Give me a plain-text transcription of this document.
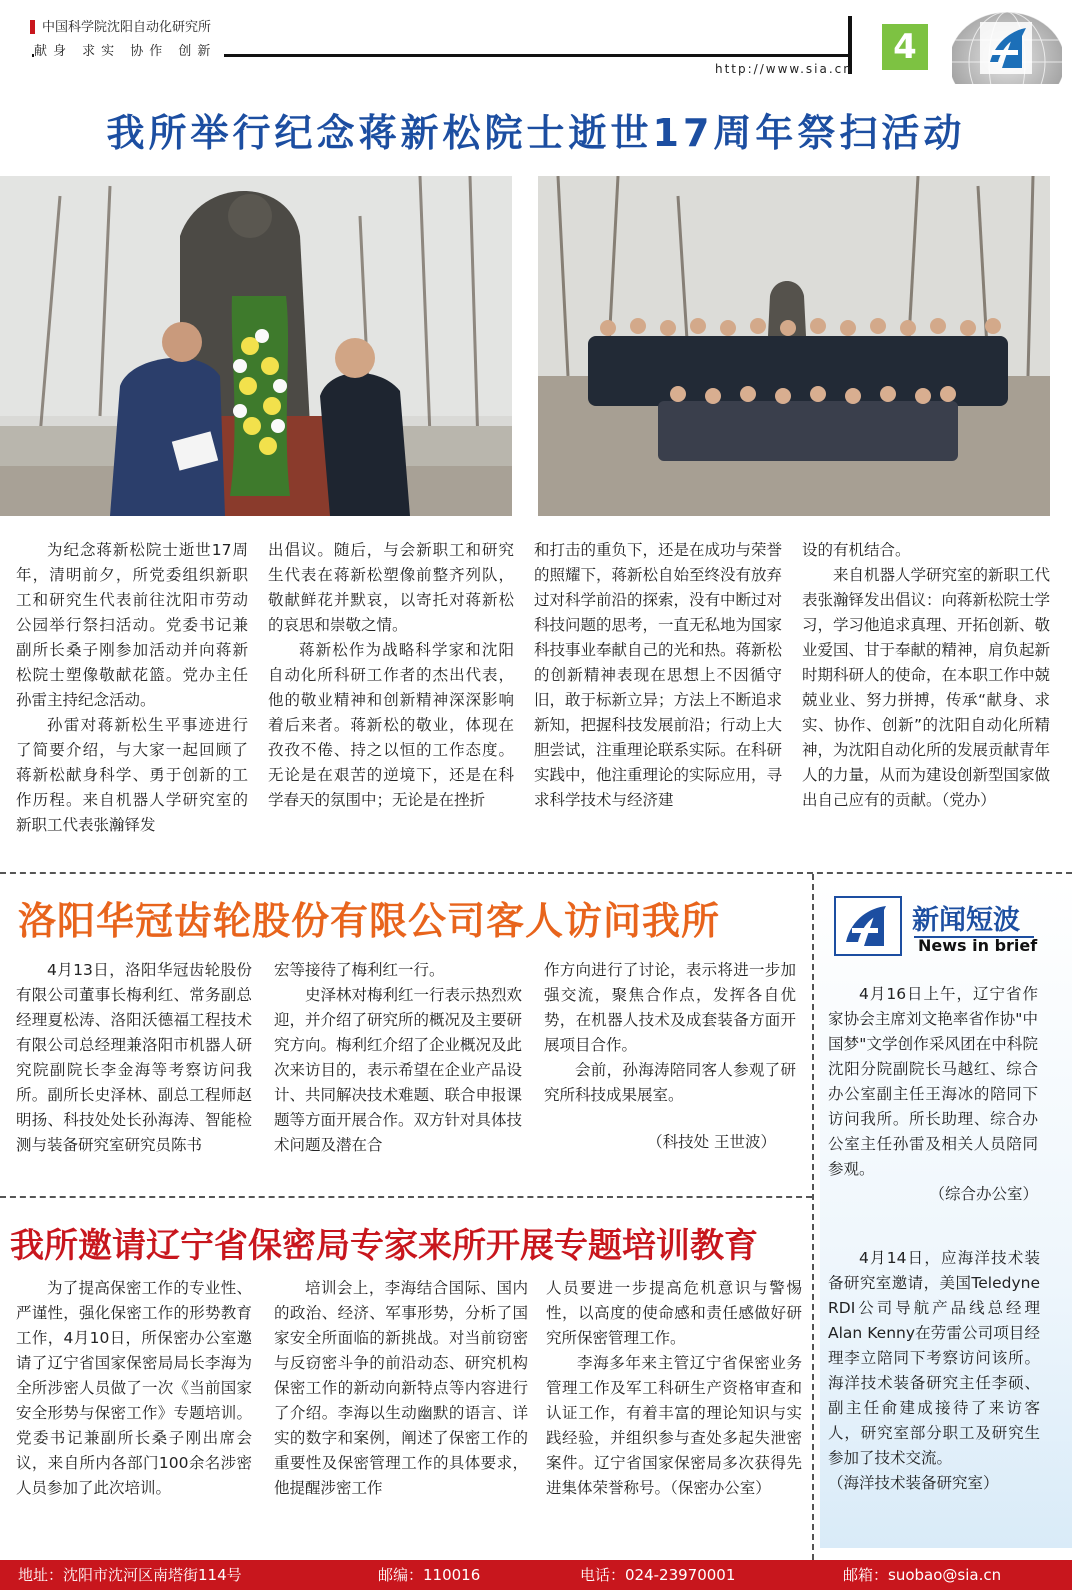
中国科学院沈阳自动化研究所
献身 求实 协作 创新
http://www.sia.cn
4
我所举行纪念蒋新松院士逝世17周年祭扫活动

为纪念蒋新松院士逝世17周年，清明前夕，所党委组织新职工和研究生代表前往沈阳市劳动公园举行祭扫活动。党委书记兼副所长桑子刚参加活动并向蒋新松院士塑像敬献花篮。党办主任孙雷主持纪念活动。

孙雷对蒋新松生平事迹进行了简要介绍，与大家一起回顾了蒋新松献身科学、勇于创新的工作历程。来自机器人学研究室的新职工代表张瀚铎发

出倡议。随后，与会新职工和研究生代表在蒋新松塑像前整齐列队，敬献鲜花并默哀，以寄托对蒋新松的哀思和崇敬之情。

蒋新松作为战略科学家和沈阳自动化所科研工作者的杰出代表，他的敬业精神和创新精神深深影响着后来者。蒋新松的敬业，体现在孜孜不倦、持之以恒的工作态度。无论是在艰苦的逆境下，还是在科学春天的氛围中；无论是在挫折

和打击的重负下，还是在成功与荣誉的照耀下，蒋新松自始至终没有放弃过对科学前沿的探索，没有中断过对科技问题的思考，一直无私地为国家科技事业奉献自己的光和热。蒋新松的创新精神表现在思想上不因循守旧，敢于标新立异；方法上不断追求新知，把握科技发展前沿；行动上大胆尝试，注重理论联系实际。在科研实践中，他注重理论的实际应用，寻求科学技术与经济建

设的有机结合。

来自机器人学研究室的新职工代表张瀚铎发出倡议：向蒋新松院士学习，学习他追求真理、开拓创新、敬业爱国、甘于奉献的精神，肩负起新时期科研人的使命，在本职工作中兢兢业业、努力拼搏，传承“献身、求实、协作、创新”的沈阳自动化所精神，为沈阳自动化所的发展贡献青年人的力量，从而为建设创新型国家做出自己应有的贡献。（党办）

洛阳华冠齿轮股份有限公司客人访问我所

4月13日，洛阳华冠齿轮股份有限公司董事长梅利红、常务副总经理夏松涛、洛阳沃德福工程技术有限公司总经理兼洛阳市机器人研究院副院长李金海等考察访问我所。副所长史泽林、副总工程师赵明扬、科技处处长孙海涛、智能检测与装备研究室研究员陈书

宏等接待了梅利红一行。

史泽林对梅利红一行表示热烈欢迎，并介绍了研究所的概况及主要研究方向。梅利红介绍了企业概况及此次来访目的，表示希望在企业产品设计、共同解决技术难题、联合申报课题等方面开展合作。双方针对具体技术问题及潜在合

作方向进行了讨论，表示将进一步加强交流，聚焦合作点，发挥各自优势，在机器人技术及成套装备方面开展项目合作。

会前，孙海涛陪同客人参观了研究所科技成果展室。

（科技处 王世波）

我所邀请辽宁省保密局专家来所开展专题培训教育

为了提高保密工作的专业性、严谨性，强化保密工作的形势教育工作，4月10日，所保密办公室邀请了辽宁省国家保密局局长李海为全所涉密人员做了一次《当前国家安全形势与保密工作》专题培训。党委书记兼副所长桑子刚出席会议，来自所内各部门100余名涉密人员参加了此次培训。

培训会上，李海结合国际、国内的政治、经济、军事形势，分析了国家安全所面临的新挑战。对当前窃密与反窃密斗争的前沿动态、研究机构保密工作的新动向新特点等内容进行了介绍。李海以生动幽默的语言、详实的数字和案例，阐述了保密工作的重要性及保密管理工作的具体要求，他提醒涉密工作

人员要进一步提高危机意识与警惕性，以高度的使命感和责任感做好研究所保密管理工作。

李海多年来主管辽宁省保密业务管理工作及军工科研生产资格审查和认证工作，有着丰富的理论知识与实践经验，并组织参与查处多起失泄密案件。辽宁省国家保密局多次获得先进集体荣誉称号。（保密办公室）

新闻短波
News in brief

4月16日上午，辽宁省作家协会主席刘文艳率省作协"中国梦"文学创作采风团在中科院沈阳分院副院长马越红、综合办公室副主任王海冰的陪同下访问我所。所长助理、综合办公室主任孙雷及相关人员陪同参观。

（综合办公室）

4月14日，应海洋技术装备研究室邀请，美国Teledyne RDI公司导航产品线总经理Alan Kenny在劳雷公司项目经理李立陪同下考察访问该所。海洋技术装备研究主任李硕、副主任俞建成接待了来访客人，研究室部分职工及研究生参加了技术交流。

（海洋技术装备研究室）

地址：沈阳市沈河区南塔街114号	邮编：110016	电话：024-23970001	邮箱：suobao@sia.cn
